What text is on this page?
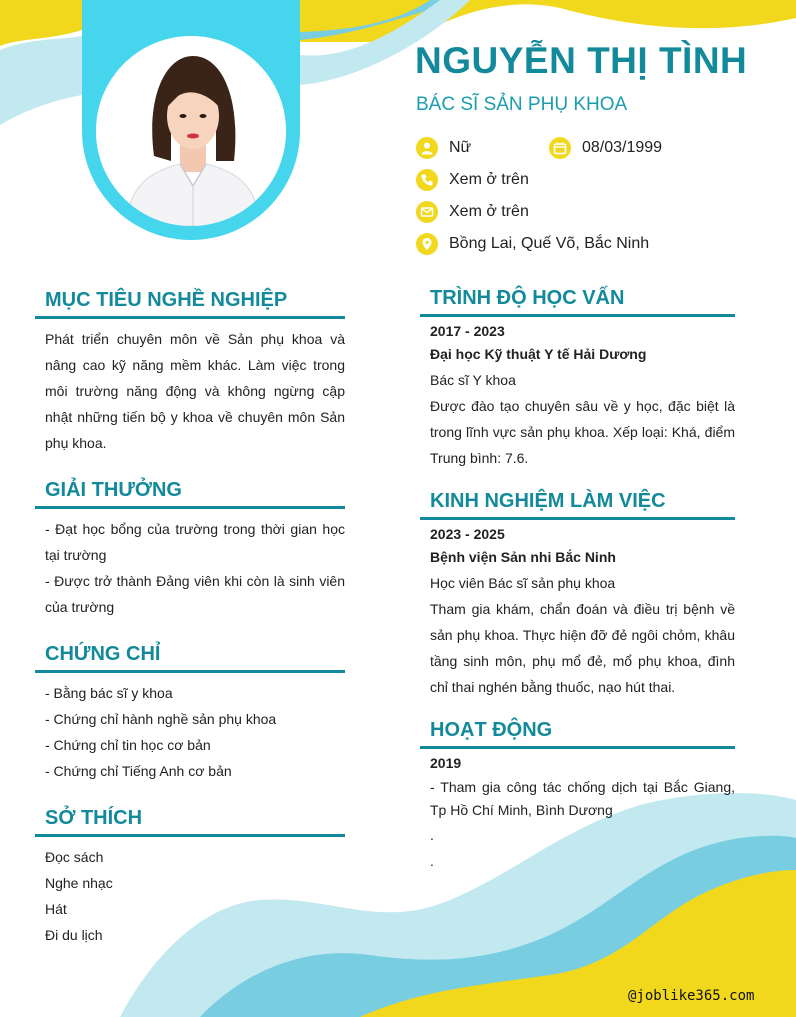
NGUYỄN THỊ TÌNH
BÁC SĨ SẢN PHỤ KHOA
Nữ	08/03/1999
Xem ở trên
Xem ở trên
Bồng Lai, Quế Võ, Bắc Ninh
MỤC TIÊU NGHỀ NGHIỆP
Phát triển chuyên môn về Sản phụ khoa và nâng cao kỹ năng mềm khác. Làm việc trong môi trường năng động và không ngừng cập nhật những tiến bộ y khoa về chuyên môn Sản phụ khoa.
GIẢI THƯỞNG
- Đạt học bổng của trường trong thời gian học tại trường
- Được trở thành Đảng viên khi còn là sinh viên của trường
CHỨNG CHỈ
- Bằng bác sĩ y khoa
- Chứng chỉ hành nghề sản phụ khoa
- Chứng chỉ tin học cơ bản
- Chứng chỉ Tiếng Anh cơ bản
SỞ THÍCH
Đọc sách
Nghe nhạc
Hát
Đi du lịch
TRÌNH ĐỘ HỌC VẤN
2017 - 2023
Đại học Kỹ thuật Y tế Hải Dương
Bác sĩ Y khoa
Được đào tạo chuyên sâu về y học, đặc biệt là trong lĩnh vực sản phụ khoa. Xếp loại: Khá, điểm Trung bình: 7.6.
KINH NGHIỆM LÀM VIỆC
2023 - 2025
Bệnh viện Sản nhi Bắc Ninh
Học viên Bác sĩ sản phụ khoa
Tham gia khám, chẩn đoán và điều trị bệnh về sản phụ khoa. Thực hiện đỡ đẻ ngôi chỏm, khâu tầng sinh môn, phụ mổ đẻ, mổ phụ khoa, đình chỉ thai nghén bằng thuốc, nạo hút thai.
HOẠT ĐỘNG
2019
- Tham gia công tác chống dịch tại Bắc Giang, Tp Hồ Chí Minh, Bình Dương
.
.
@joblike365.com
